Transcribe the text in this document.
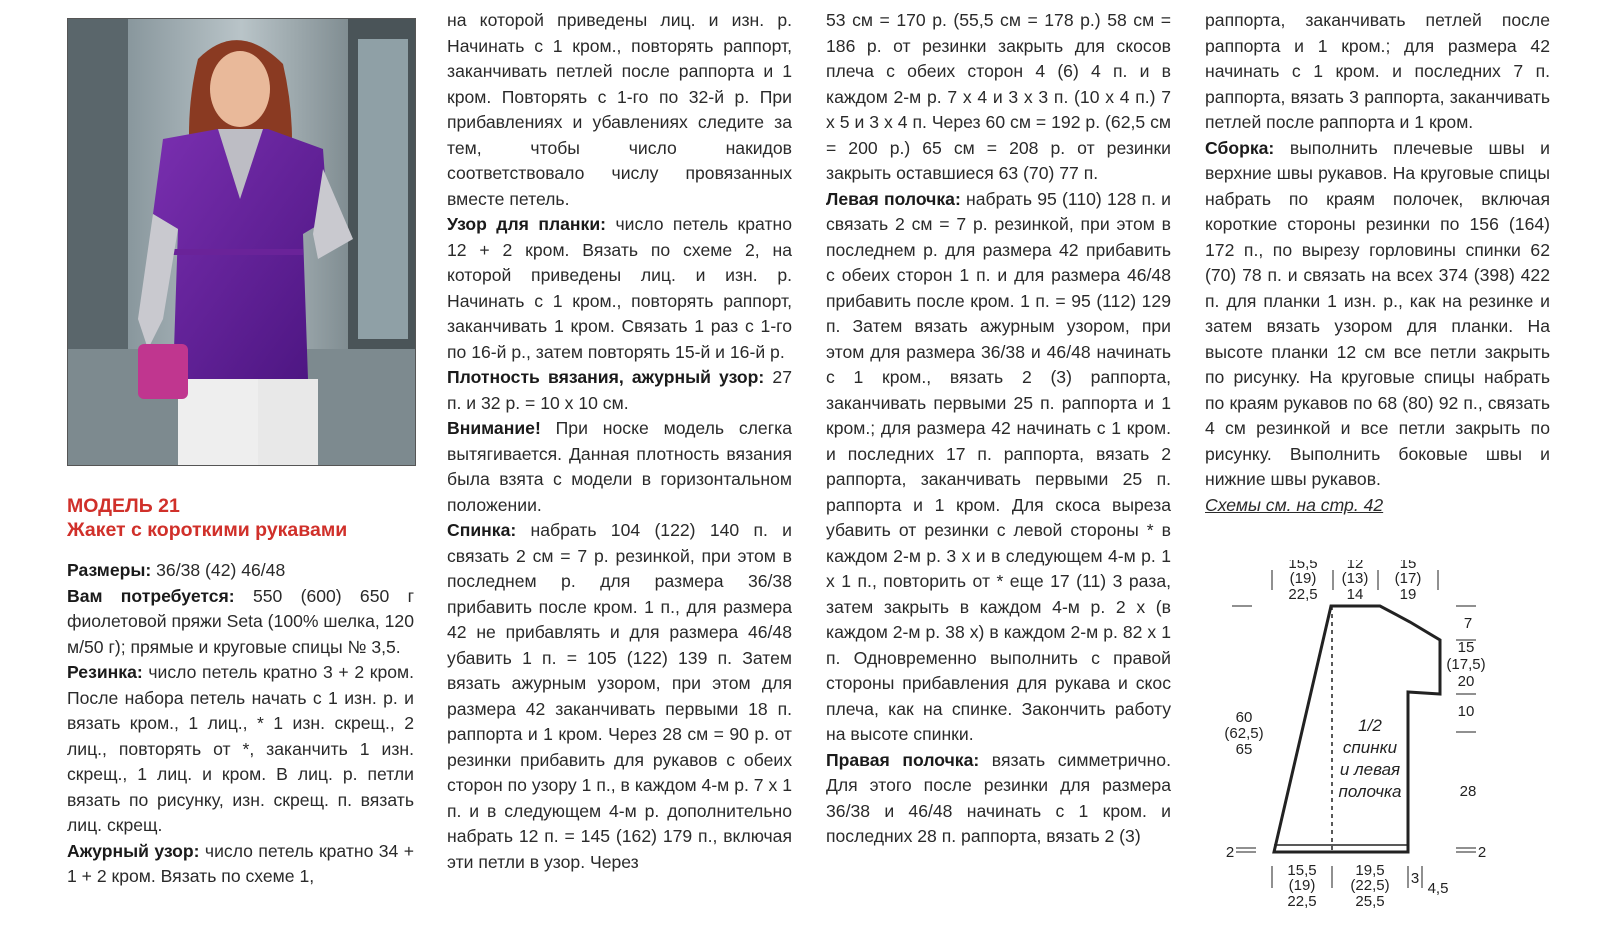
МОДЕЛЬ 21
Жакет с короткими рукавами

Размеры: 36/38 (42) 46/48

Вам потребуется: 550 (600) 650 г фиолетовой пряжи Seta (100% шелка, 120 м/50 г); прямые и круговые спицы № 3,5.

Резинка: число петель кратно 3 + 2 кром. После набора петель начать с 1 изн. р. и вязать кром., 1 лиц., * 1 изн. скрещ., 2 лиц., повторять от *, заканчить 1 изн. скрещ., 1 лиц. и кром. В лиц. р. петли вязать по рисунку, изн. скрещ. п. вязать лиц. скрещ.

Ажурный узор: число петель кратно 34 + 1 + 2 кром. Вязать по схеме 1,

на которой приведены лиц. и изн. р. Начинать с 1 кром., повторять раппорт, заканчивать петлей после раппорта и 1 кром. Повторять с 1-го по 32-й р. При прибавлениях и убавлениях следите за тем, чтобы число накидов соответствовало числу провязанных вместе петель.

Узор для планки: число петель кратно 12 + 2 кром. Вязать по схеме 2, на которой приведены лиц. и изн. р. Начинать с 1 кром., повторять раппорт, заканчивать 1 кром. Связать 1 раз с 1-го по 16-й р., затем повторять 15-й и 16-й р.

Плотность вязания, ажурный узор: 27 п. и 32 р. = 10 х 10 см.

Внимание! При носке модель слегка вытягивается. Данная плотность вязания была взята с модели в горизонтальном положении.

Спинка: набрать 104 (122) 140 п. и связать 2 см = 7 р. резинкой, при этом в последнем р. для размера 36/38 прибавить после кром. 1 п., для размера 42 не прибавлять и для размера 46/48 убавить 1 п. = 105 (122) 139 п. Затем вязать ажурным узором, при этом для размера 42 заканчивать первыми 18 п. раппорта и 1 кром. Через 28 см = 90 р. от резинки прибавить для рукавов с обеих сторон по узору 1 п., в каждом 4-м р. 7 х 1 п. и в следующем 4-м р. дополнительно набрать 12 п. = 145 (162) 179 п., включая эти петли в узор. Через

53 см = 170 р. (55,5 см = 178 р.) 58 см = 186 р. от резинки закрыть для скосов плеча с обеих сторон 4 (6) 4 п. и в каждом 2-м р. 7 х 4 и 3 х 3 п. (10 х 4 п.) 7 х 5 и 3 х 4 п. Через 60 см = 192 р. (62,5 см = 200 р.) 65 см = 208 р. от резинки закрыть оставшиеся 63 (70) 77 п.

Левая полочка: набрать 95 (110) 128 п. и связать 2 см = 7 р. резинкой, при этом в последнем р. для размера 42 прибавить с обеих сторон 1 п. и для размера 46/48 прибавить после кром. 1 п. = 95 (112) 129 п. Затем вязать ажурным узором, при этом для размера 36/38 и 46/48 начинать с 1 кром., вязать 2 (3) раппорта, заканчивать первыми 25 п. раппорта и 1 кром.; для размера 42 начинать с 1 кром. и последних 17 п. раппорта, вязать 2 раппорта, заканчивать первыми 25 п. раппорта и 1 кром. Для скоса выреза убавить от резинки с левой стороны * в каждом 2-м р. 3 х и в следующем 4-м р. 1 х 1 п., повторить от * еще 17 (11) 3 раза, затем закрыть в каждом 4-м р. 2 х (в каждом 2-м р. 38 х) в каждом 2-м р. 82 х 1 п. Одновременно выполнить с правой стороны прибавления для рукава и скос плеча, как на спинке. Закончить работу на высоте спинки.

Правая полочка: вязать симметрично. Для этого после резинки для размера 36/38 и 46/48 начинать с 1 кром. и последних 28 п. раппорта, вязать 2 (3)

раппорта, заканчивать петлей после раппорта и 1 кром.; для размера 42 начинать с 1 кром. и последних 7 п. раппорта, вязать 3 раппорта, заканчивать петлей после раппорта и 1 кром.

Сборка: выполнить плечевые швы и верхние швы рукавов. На круговые спицы набрать по краям полочек, включая короткие стороны резинки по 156 (164) 172 п., по вырезу горловины спинки 62 (70) 78 п. и связать на всех 374 (398) 422 п. для планки 1 изн. р., как на резинке и затем вязать узором для планки. На высоте планки 12 см все петли закрыть по рисунку. На круговые спицы набрать по краям рукавов по 68 (80) 92 п., связать 4 см резинкой и все петли закрыть по рисунку. Выполнить боковые швы и нижние швы рукавов.

Схемы см. на стр. 42

15,5
(19)
22,5
12
(13)
14
15
(17)
19
7
15
(17,5)
20
10
28
60
(62,5)
65
1/2
спинки
и левая
полочка
2	2
15,5
(19)
22,5
19,5
(22,5)
25,5
3
4,5
